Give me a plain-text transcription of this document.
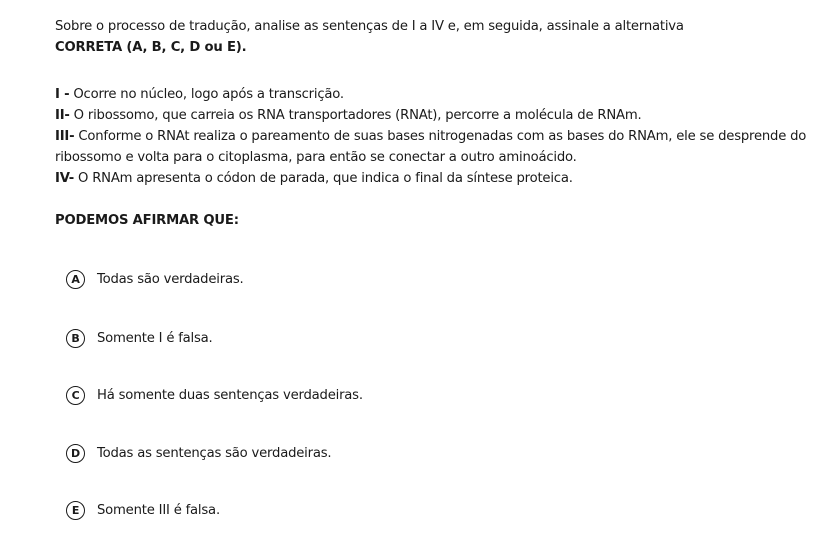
Sobre o processo de tradução, analise as sentenças de I a IV e, em seguida, assinale a alternativa
CORRETA (A, B, C, D ou E).

I - Ocorre no núcleo, logo após a transcrição.

II- O ribossomo, que carreia os RNA transportadores (RNAt), percorre a molécula de RNAm.

III- Conforme o RNAt realiza o pareamento de suas bases nitrogenadas com as bases do RNAm, ele se desprende do ribossomo e volta para o citoplasma, para então se conectar a outro aminoácido.

IV- O RNAm apresenta o códon de parada, que indica o final da síntese proteica.

PODEMOS AFIRMAR QUE:
A	Todas são verdadeiras.
B	Somente I é falsa.
C	Há somente duas sentenças verdadeiras.
D	Todas as sentenças são verdadeiras.
E	Somente III é falsa.
